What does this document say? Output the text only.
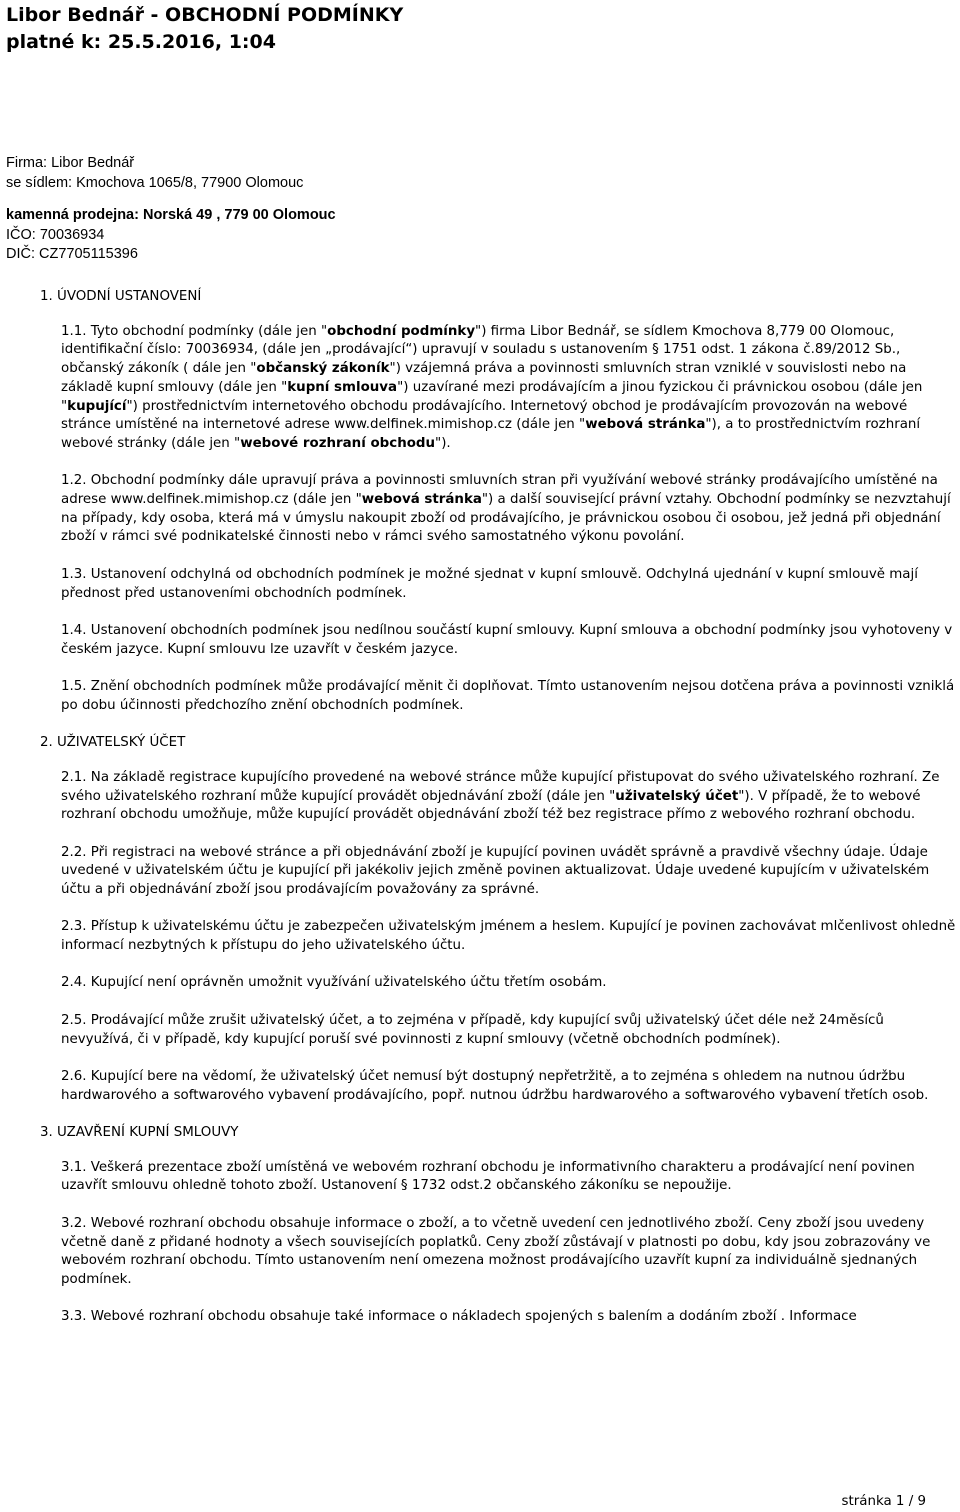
Libor Bednář - OBCHODNÍ PODMÍNKY
platné k: 25.5.2016, 1:04
Firma: Libor Bednář
se sídlem: Kmochova 1065/8, 77900 Olomouc
kamenná prodejna: Norská 49 , 779 00 Olomouc
IČO: 70036934
DIČ: CZ7705115396
1. ÚVODNÍ USTANOVENÍ
1.1. Tyto obchodní podmínky (dále jen "obchodní podmínky") firma Libor Bednář, se sídlem Kmochova 8,779 00 Olomouc, identifikační číslo: 70036934, (dále jen „prodávající“) upravují v souladu s ustanovením § 1751 odst. 1 zákona č.89/2012 Sb., občanský zákoník ( dále jen "občanský zákoník") vzájemná práva a povinnosti smluvních stran vzniklé v souvislosti nebo na základě kupní smlouvy (dále jen "kupní smlouva") uzavírané mezi prodávajícím a jinou fyzickou či právnickou osobou (dále jen "kupující") prostřednictvím internetového obchodu prodávajícího. Internetový obchod je prodávajícím provozován na webové stránce umístěné na internetové adrese www.delfinek.mimishop.cz (dále jen "webová stránka"), a to prostřednictvím rozhraní webové stránky (dále jen "webové rozhraní obchodu").
1.2. Obchodní podmínky dále upravují práva a povinnosti smluvních stran při využívání webové stránky prodávajícího umístěné na adrese www.delfinek.mimishop.cz (dále jen "webová stránka") a další související právní vztahy. Obchodní podmínky se nezvztahují na případy, kdy osoba, která má v úmyslu nakoupit zboží od prodávajícího, je právnickou osobou či osobou, jež jedná při objednání zboží v rámci své podnikatelské činnosti nebo v rámci svého samostatného výkonu povolání.
1.3. Ustanovení odchylná od obchodních podmínek je možné sjednat v kupní smlouvě. Odchylná ujednání v kupní smlouvě mají přednost před ustanoveními obchodních podmínek.
1.4. Ustanovení obchodních podmínek jsou nedílnou součástí kupní smlouvy. Kupní smlouva a obchodní podmínky jsou vyhotoveny v českém jazyce. Kupní smlouvu lze uzavřít v českém jazyce.
1.5. Znění obchodních podmínek může prodávající měnit či doplňovat. Tímto ustanovením nejsou dotčena práva a povinnosti vzniklá po dobu účinnosti předchozího znění obchodních podmínek.
2. UŽIVATELSKÝ ÚČET
2.1. Na základě registrace kupujícího provedené na webové stránce může kupující přistupovat do svého uživatelského rozhraní. Ze svého uživatelského rozhraní může kupující provádět objednávání zboží (dále jen "uživatelský účet"). V případě, že to webové rozhraní obchodu umožňuje, může kupující provádět objednávání zboží též bez registrace přímo z webového rozhraní obchodu.
2.2. Při registraci na webové stránce a při objednávání zboží je kupující povinen uvádět správně a pravdivě všechny údaje. Údaje uvedené v uživatelském účtu je kupující při jakékoliv jejich změně povinen aktualizovat. Údaje uvedené kupujícím v uživatelském účtu a při objednávání zboží jsou prodávajícím považovány za správné.
2.3. Přístup k uživatelskému účtu je zabezpečen uživatelským jménem a heslem. Kupující je povinen zachovávat mlčenlivost ohledně informací nezbytných k přístupu do jeho uživatelského účtu.
2.4. Kupující není oprávněn umožnit využívání uživatelského účtu třetím osobám.
2.5. Prodávající může zrušit uživatelský účet, a to zejména v případě, kdy kupující svůj uživatelský účet déle než 24měsíců nevyužívá, či v případě, kdy kupující poruší své povinnosti z kupní smlouvy (včetně obchodních podmínek).
2.6. Kupující bere na vědomí, že uživatelský účet nemusí být dostupný nepřetržitě, a to zejména s ohledem na nutnou údržbu hardwarového a softwarového vybavení prodávajícího, popř. nutnou údržbu hardwarového a softwarového vybavení třetích osob.
3. UZAVŘENÍ KUPNÍ SMLOUVY
3.1. Veškerá prezentace zboží umístěná ve webovém rozhraní obchodu je informativního charakteru a prodávající není povinen uzavřít smlouvu ohledně tohoto zboží. Ustanovení § 1732 odst.2 občanského zákoníku se nepoužije.
3.2. Webové rozhraní obchodu obsahuje informace o zboží, a to včetně uvedení cen jednotlivého zboží. Ceny zboží jsou uvedeny včetně daně z přidané hodnoty a všech souvisejících poplatků. Ceny zboží zůstávají v platnosti po dobu, kdy jsou zobrazovány ve webovém rozhraní obchodu. Tímto ustanovením není omezena možnost prodávajícího uzavřít kupní za individuálně sjednaných podmínek.
3.3. Webové rozhraní obchodu obsahuje také informace o nákladech spojených s balením a dodáním zboží . Informace
stránka 1 / 9
